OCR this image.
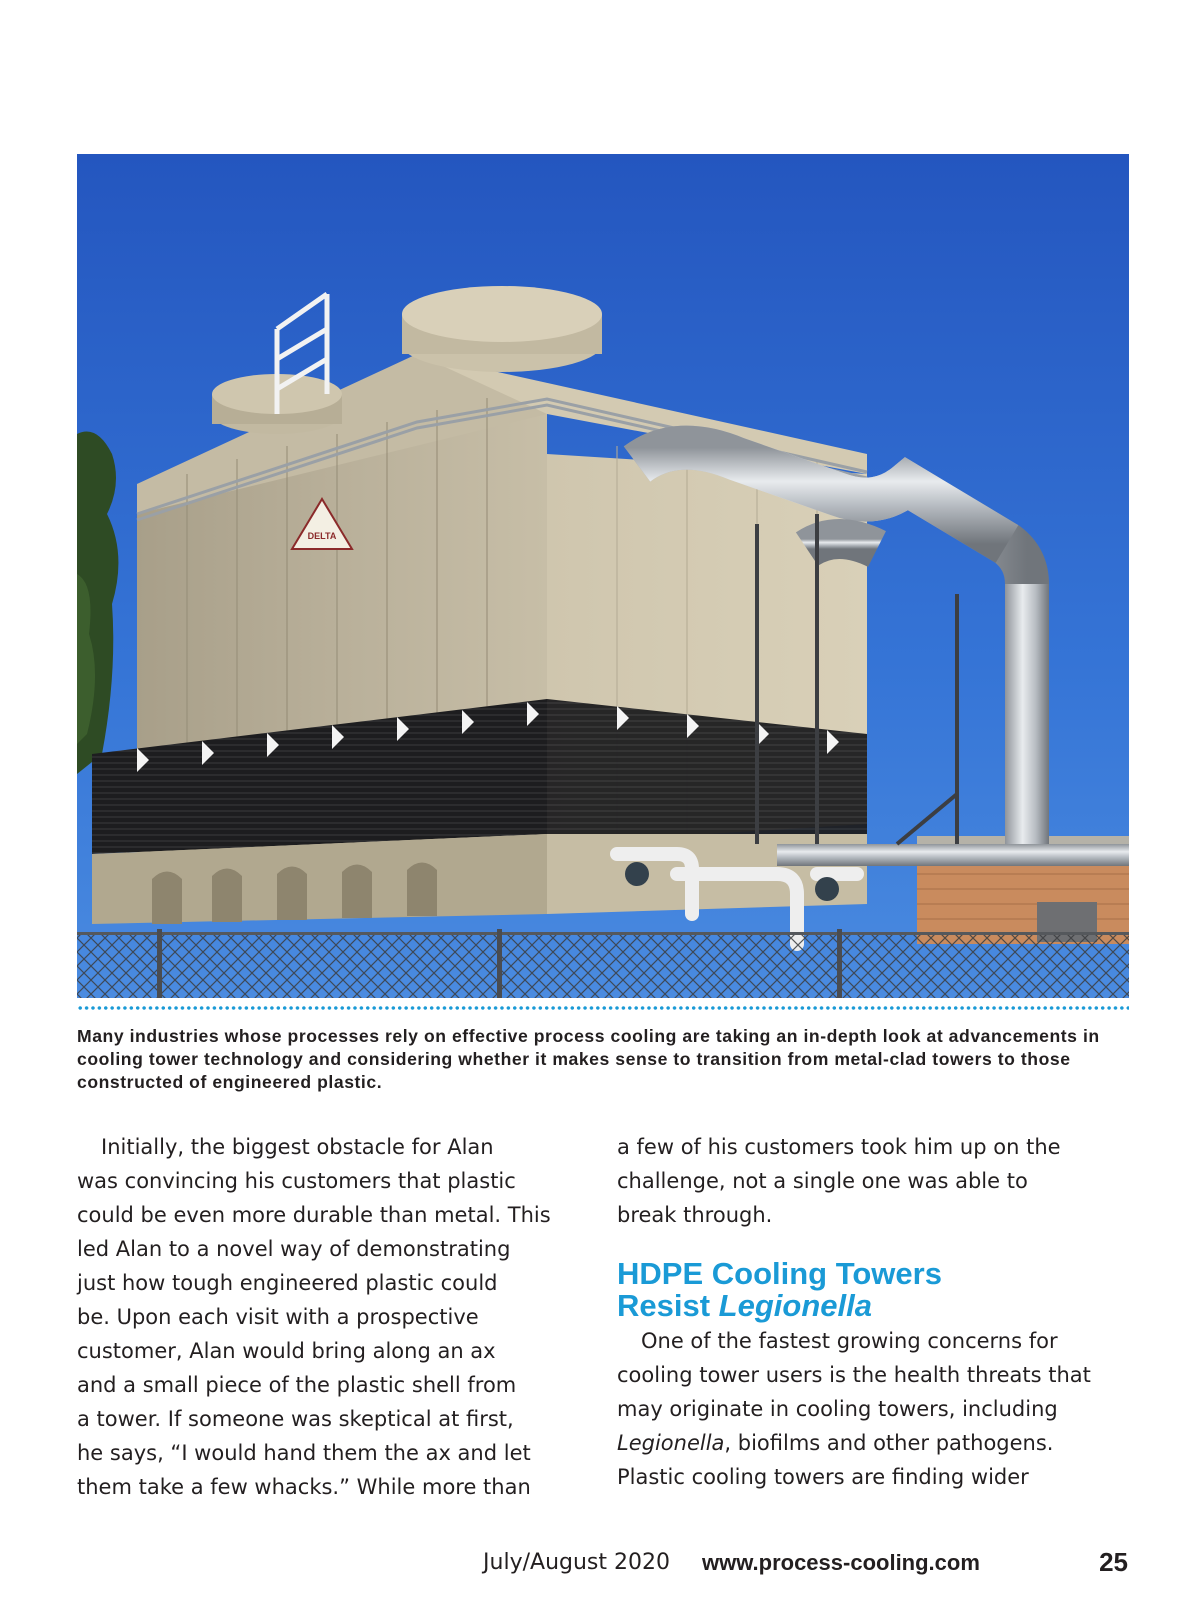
DELTA

Many industries whose processes rely on effective process cooling are taking an in-depth look at advancements in cooling tower technology and considering whether it makes sense to transition from metal-clad towers to those constructed of engineered plastic.

Initially, the biggest obstacle for Alan
was convincing his customers that plastic
could be even more durable than metal. This
led Alan to a novel way of demonstrating
just how tough engineered plastic could
be. Upon each visit with a prospective
customer, Alan would bring along an ax
and a small piece of the plastic shell from
a tower. If someone was skeptical at first,
he says, “I would hand them the ax and let
them take a few whacks.” While more than

a few of his customers took him up on the
challenge, not a single one was able to
break through.

HDPE Cooling Towers
Resist Legionella

One of the fastest growing concerns for
cooling tower users is the health threats that
may originate in cooling towers, including
Legionella, biofilms and other pathogens.
Plastic cooling towers are finding wider

July/August 2020 www.process-cooling.com	25
